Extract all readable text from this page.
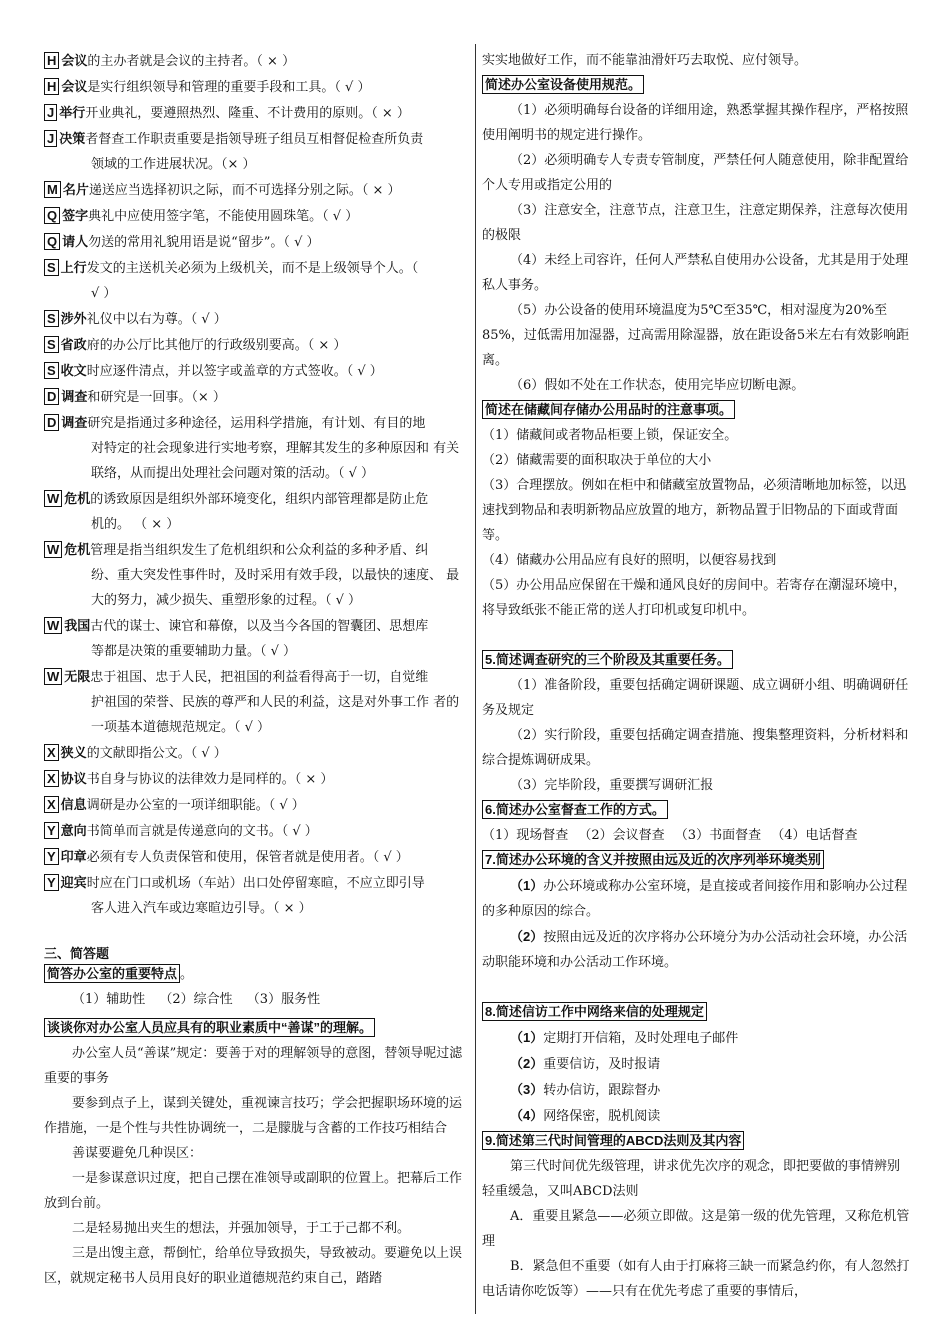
H 会议的主办者就是会议的主持者。（ × ）
H 会议是实行组织领导和管理的重要手段和工具。（ √ ）
J 举行开业典礼，要遵照热烈、隆重、不计费用的原则。（ × ）
J 决策者督查工作职责重要是指领导班子组员互相督促检查所负责
领域的工作进展状况。（× ）
M 名片递送应当选择初识之际，而不可选择分别之际。（ × ）
Q 签字典礼中应使用签字笔，不能使用圆珠笔。（ √ ）
Q 请人勿送的常用礼貌用语是说“留步”。（ √ ）
S 上行发文的主送机关必须为上级机关，而不是上级领导个人。（
√ ）
S 涉外礼仪中以右为尊。（ √ ）
S 省政府的办公厅比其他厅的行政级别要高。（ × ）
S 收文时应逐件清点，并以签字或盖章的方式签收。（ √ ）
D 调查和研究是一回事。（× ）
D 调查研究是指通过多种途径，运用科学措施，有计划、有目的地
对特定的社会现象进行实地考察，理解其发生的多种原因和 有关联络，从而提出处理社会问题对策的活动。（ √ ）
W 危机的诱致原因是组织外部环境变化，组织内部管理都是防止危
机的。 （ × ）
W 危机管理是指当组织发生了危机组织和公众利益的多种矛盾、纠
纷、重大突发性事件时，及时采用有效手段，以最快的速度、 最大的努力，减少损失、重塑形象的过程。（ √ ）
W 我国古代的谋士、谏官和幕僚，以及当今各国的智囊团、思想库
等都是决策的重要辅助力量。（ √ ）
W 无限忠于祖国、忠于人民，把祖国的利益看得高于一切，自觉维
护祖国的荣誉、民族的尊严和人民的利益，这是对外事工作 者的一项基本道德规范规定。（ √ ）
X 狭义的文献即指公文。（ √ ）
X 协议书自身与协议的法律效力是同样的。（ × ）
X 信息调研是办公室的一项详细职能。（ √ ）
Y 意向书简单而言就是传递意向的文书。（ √ ）
Y 印章必须有专人负责保管和使用，保管者就是使用者。（ √ ）
Y 迎宾时应在门口或机场（车站）出口处停留寒暄，不应立即引导
客人进入汽车或边寒暄边引导。（ × ）
三、简答题
简答办公室的重要特点 。

（1）辅助性 （2）综合性 （3）服务性

谈谈你对办公室人员应具有的职业素质中“善谋”的理解。

办公室人员“善谋”规定：要善于对的理解领导的意图，替领导呢过滤重要的事务

要参到点子上，谋到关键处，重视谏言技巧；学会把握职场环境的运作措施，一是个性与共性协调统一，二是朦胧与含蓄的工作技巧相结合

善谋要避免几种误区：

一是参谋意识过度，把自己摆在准领导或副职的位置上。把幕后工作放到台前。

二是轻易抛出夹生的想法，并强加领导，于工于己都不利。

三是出馊主意，帮倒忙，给单位导致损失，导致被动。要避免以上误区，就规定秘书人员用良好的职业道德规范约束自己，踏踏

实实地做好工作，而不能靠油滑奸巧去取悦、应付领导。

简述办公室设备使用规范。

（1）必须明确每台设备的详细用途，熟悉掌握其操作程序，严格按照使用阐明书的规定进行操作。

（2）必须明确专人专责专管制度，严禁任何人随意使用，除非配置给个人专用或指定公用的

（3）注意安全，注意节点，注意卫生，注意定期保养，注意每次使用的极限

（4）未经上司容许，任何人严禁私自使用办公设备，尤其是用于处理私人事务。

（5）办公设备的使用环境温度为5℃至35℃，相对湿度为20%至85%，过低需用加湿器，过高需用除湿器，放在距设备5米左右有效影响距离。

（6）假如不处在工作状态，使用完毕应切断电源。

简述在储藏间存储办公用品时的注意事项。

（1）储藏间或者物品柜要上锁，保证安全。

（2）储藏需要的面积取决于单位的大小

（3）合理摆放。例如在柜中和储藏室放置物品，必须清晰地加标签，以迅速找到物品和表明新物品应放置的地方，新物品置于旧物品的下面或背面等。

（4）储藏办公用品应有良好的照明，以便容易找到

（5）办公用品应保留在干燥和通风良好的房间中。若寄存在潮湿环境中，将导致纸张不能正常的送人打印机或复印机中。

5.简述调查研究的三个阶段及其重要任务。

（1）准备阶段，重要包括确定调研课题、成立调研小组、明确调研任务及规定

（2）实行阶段，重要包括确定调查措施、搜集整理资料，分析材料和综合提炼调研成果。

（3）完毕阶段，重要撰写调研汇报

6.简述办公室督查工作的方式。

（1）现场督查 （2）会议督查 （3）书面督查 （4）电话督查

7.简述办公环境的含义并按照由远及近的次序列举环境类别

（1）办公环境或称办公室环境，是直接或者间接作用和影响办公过程的多种原因的综合。

（2）按照由远及近的次序将办公环境分为办公活动社会环境，办公活动职能环境和办公活动工作环境。

8.简述信访工作中网络来信的处理规定

（1）定期打开信箱，及时处理电子邮件

（2）重要信访，及时报请

（3）转办信访，跟踪督办

（4）网络保密，脱机阅读

9.简述第三代时间管理的ABCD法则及其内容

第三代时间优先级管理，讲求优先次序的观念，即把要做的事情辨别轻重缓急，又叫ABCD法则

A．重要且紧急——必须立即做。这是第一级的优先管理，又称危机管理

B．紧急但不重要（如有人由于打麻将三缺一而紧急约你，有人忽然打电话请你吃饭等）——只有在优先考虑了重要的事情后，
